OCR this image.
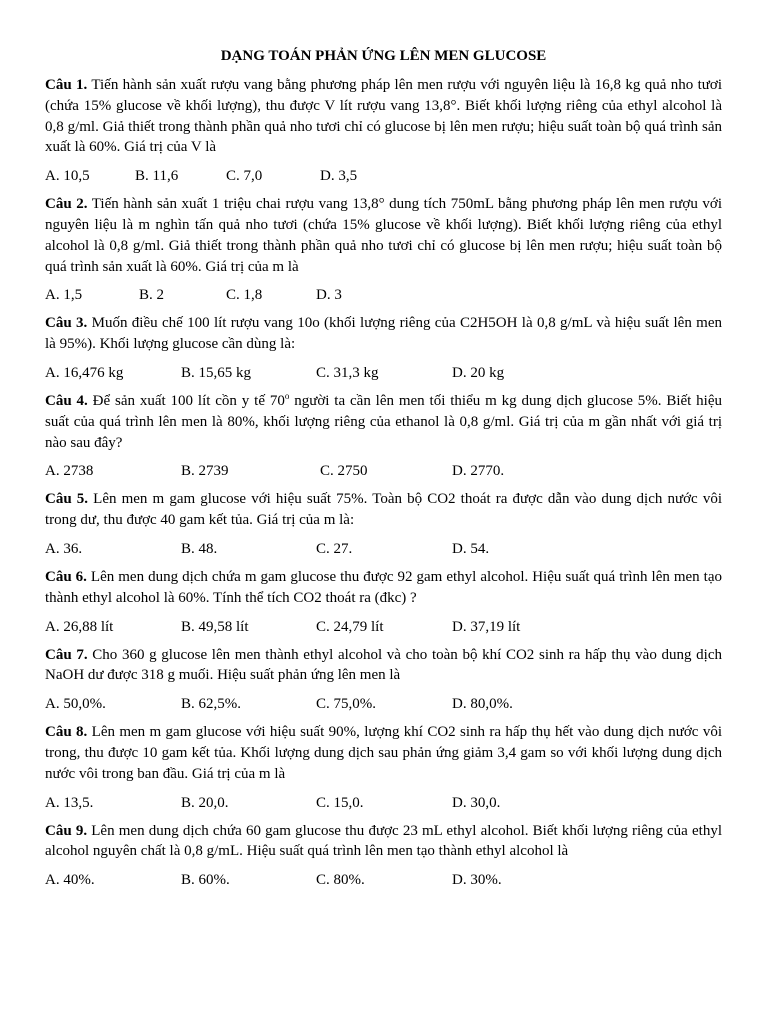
DẠNG TOÁN PHẢN ỨNG LÊN MEN GLUCOSE

Câu 1. Tiến hành sản xuất rượu vang bằng phương pháp lên men rượu với nguyên liệu là 16,8 kg quả nho tươi (chứa 15% glucose về khối lượng), thu được V lít rượu vang 13,8°. Biết khối lượng riêng của ethyl alcohol là 0,8 g/ml. Giả thiết trong thành phần quả nho tươi chỉ có glucose bị lên men rượu; hiệu suất toàn bộ quá trình sản xuất là 60%. Giá trị của V là

A. 10,5	B. 11,6	C. 7,0	D. 3,5

Câu 2. Tiến hành sản xuất 1 triệu chai rượu vang 13,8° dung tích 750mL bằng phương pháp lên men rượu với nguyên liệu là m nghìn tấn quả nho tươi (chứa 15% glucose về khối lượng). Biết khối lượng riêng của ethyl alcohol là 0,8 g/ml. Giả thiết trong thành phần quả nho tươi chỉ có glucose bị lên men rượu; hiệu suất toàn bộ quá trình sản xuất là 60%. Giá trị của m là

A. 1,5	B. 2	C. 1,8	D. 3

Câu 3. Muốn điều chế 100 lít rượu vang 10o (khối lượng riêng của C2H5OH là 0,8 g/mL và hiệu suất lên men là 95%). Khối lượng glucose cần dùng là:

A. 16,476 kg	B. 15,65 kg	C. 31,3 kg	D. 20 kg

Câu 4. Để sản xuất 100 lít cồn y tế 70$^o$ người ta cần lên men tối thiểu m kg dung dịch glucose 5%. Biết hiệu suất của quá trình lên men là 80%, khối lượng riêng của ethanol là 0,8 g/ml. Giá trị của m gần nhất với giá trị nào sau đây?

A. 2738	B. 2739	C. 2750	D. 2770.

Câu 5. Lên men m gam glucose với hiệu suất 75%. Toàn bộ CO2 thoát ra được dẫn vào dung dịch nước vôi trong dư, thu được 40 gam kết tủa. Giá trị của m là:

A. 36.	B. 48.	C. 27.	D. 54.

Câu 6. Lên men dung dịch chứa m gam glucose thu được 92 gam ethyl alcohol. Hiệu suất quá trình lên men tạo thành ethyl alcohol là 60%. Tính thể tích CO2 thoát ra (đkc) ?

A. 26,88 lít	B. 49,58 lít	C. 24,79 lít	D. 37,19 lít

Câu 7. Cho 360 g glucose lên men thành ethyl alcohol và cho toàn bộ khí CO2 sinh ra hấp thụ vào dung dịch NaOH dư được 318 g muối. Hiệu suất phản ứng lên men là

A. 50,0%.	B. 62,5%.	C. 75,0%.	D. 80,0%.

Câu 8. Lên men m gam glucose với hiệu suất 90%, lượng khí CO2 sinh ra hấp thụ hết vào dung dịch nước vôi trong, thu được 10 gam kết tủa. Khối lượng dung dịch sau phản ứng giảm 3,4 gam so với khối lượng dung dịch nước vôi trong ban đầu. Giá trị của m là

A. 13,5.	B. 20,0.	C. 15,0.	D. 30,0.

Câu 9. Lên men dung dịch chứa 60 gam glucose thu được 23 mL ethyl alcohol. Biết khối lượng riêng của ethyl alcohol nguyên chất là 0,8 g/mL. Hiệu suất quá trình lên men tạo thành ethyl alcohol là

A. 40%.	B. 60%.	C. 80%.	D. 30%.
